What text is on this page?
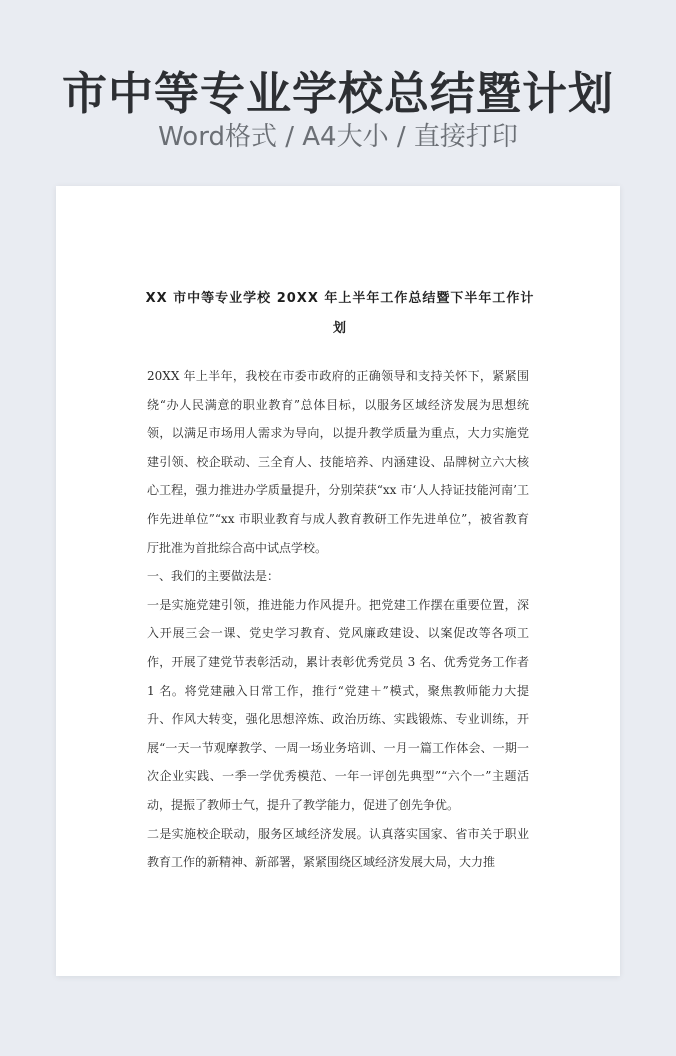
市中等专业学校总结暨计划
Word格式 / A4大小 / 直接打印
XX 市中等专业学校 20XX 年上半年工作总结暨下半年工作计划

20XX 年上半年，我校在市委市政府的正确领导和支持关怀下，紧紧围绕“办人民满意的职业教育”总体目标，以服务区域经济发展为思想统领，以满足市场用人需求为导向，以提升教学质量为重点，大力实施党建引领、校企联动、三全育人、技能培养、内涵建设、品牌树立六大核心工程，强力推进办学质量提升，分别荣获“xx 市‘人人持证技能河南’工作先进单位”“xx 市职业教育与成人教育教研工作先进单位”，被省教育厅批准为首批综合高中试点学校。

一、我们的主要做法是：

一是实施党建引领，推进能力作风提升。把党建工作摆在重要位置，深入开展三会一课、党史学习教育、党风廉政建设、以案促改等各项工作，开展了建党节表彰活动，累计表彰优秀党员 3 名、优秀党务工作者 1 名。将党建融入日常工作，推行“党建＋”模式，聚焦教师能力大提升、作风大转变，强化思想淬炼、政治历练、实践锻炼、专业训练，开展“一天一节观摩教学、一周一场业务培训、一月一篇工作体会、一期一次企业实践、一季一学优秀模范、一年一评创先典型”“六个一”主题活动，提振了教师士气，提升了教学能力，促进了创先争优。

二是实施校企联动，服务区域经济发展。认真落实国家、省市关于职业教育工作的新精神、新部署，紧紧围绕区域经济发展大局，大力推
